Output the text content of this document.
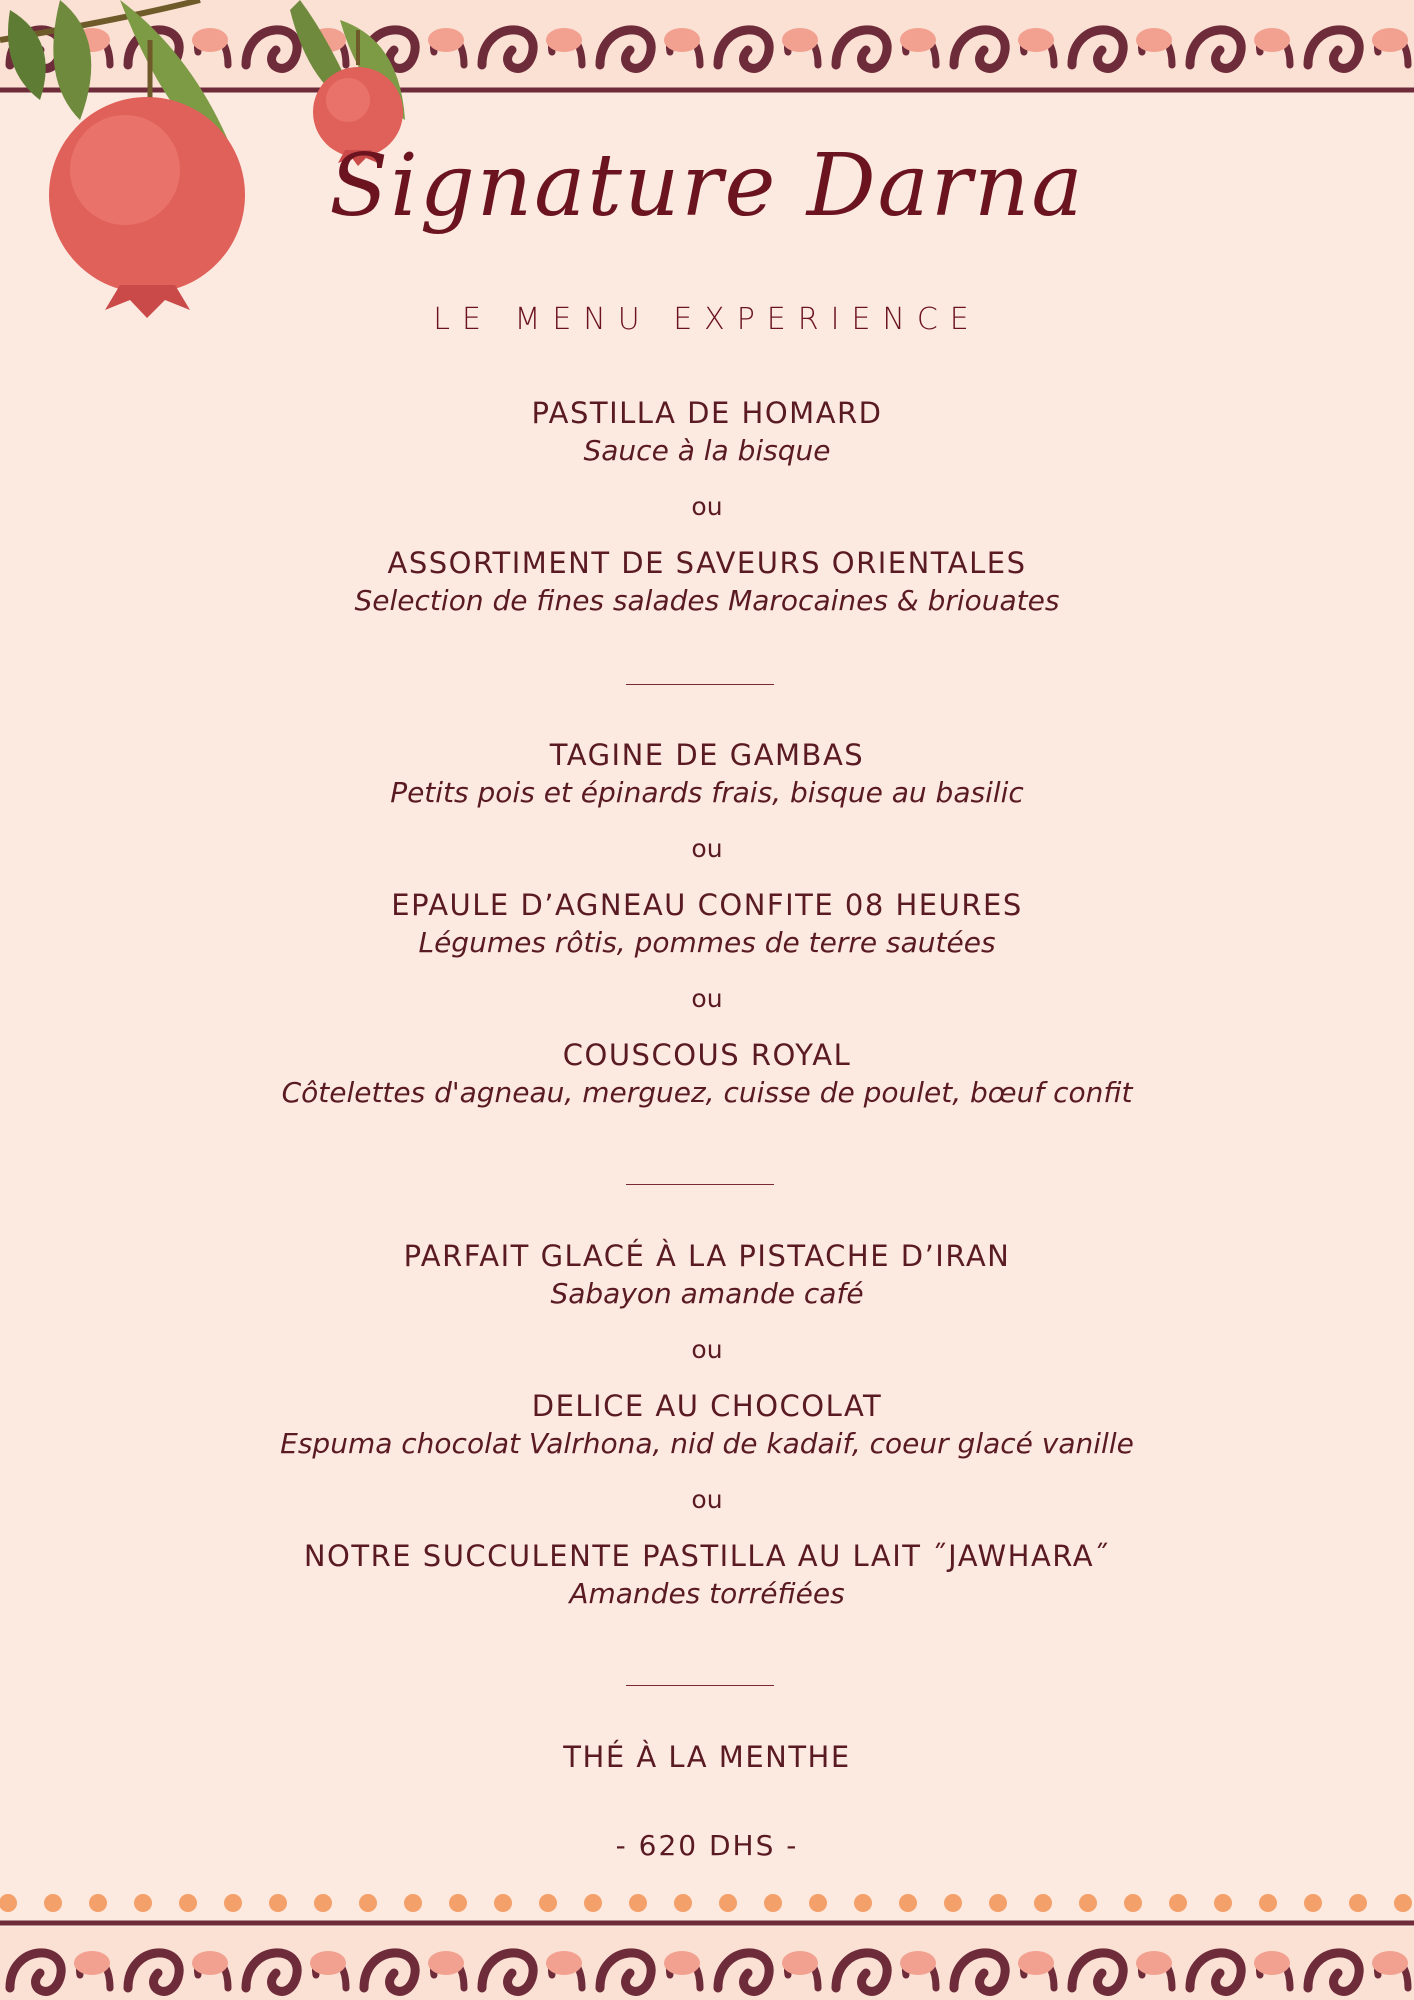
Signature Darna
LE MENU EXPERIENCE

PASTILLA DE HOMARD

Sauce à la bisque

ou

ASSORTIMENT DE SAVEURS ORIENTALES

Selection de fines salades Marocaines & briouates

TAGINE DE GAMBAS

Petits pois et épinards frais, bisque au basilic

ou

EPAULE D’AGNEAU CONFITE 08 HEURES

Légumes rôtis, pommes de terre sautées

ou

COUSCOUS ROYAL

Côtelettes d'agneau, merguez, cuisse de poulet, bœuf confit

PARFAIT GLACÉ À LA PISTACHE D’IRAN

Sabayon amande café

ou

DELICE AU CHOCOLAT

Espuma chocolat Valrhona, nid de kadaif, coeur glacé vanille

ou

NOTRE SUCCULENTE PASTILLA AU LAIT ˝JAWHARA˝

Amandes torréfiées

THÉ À LA MENTHE

- 620 DHS -
